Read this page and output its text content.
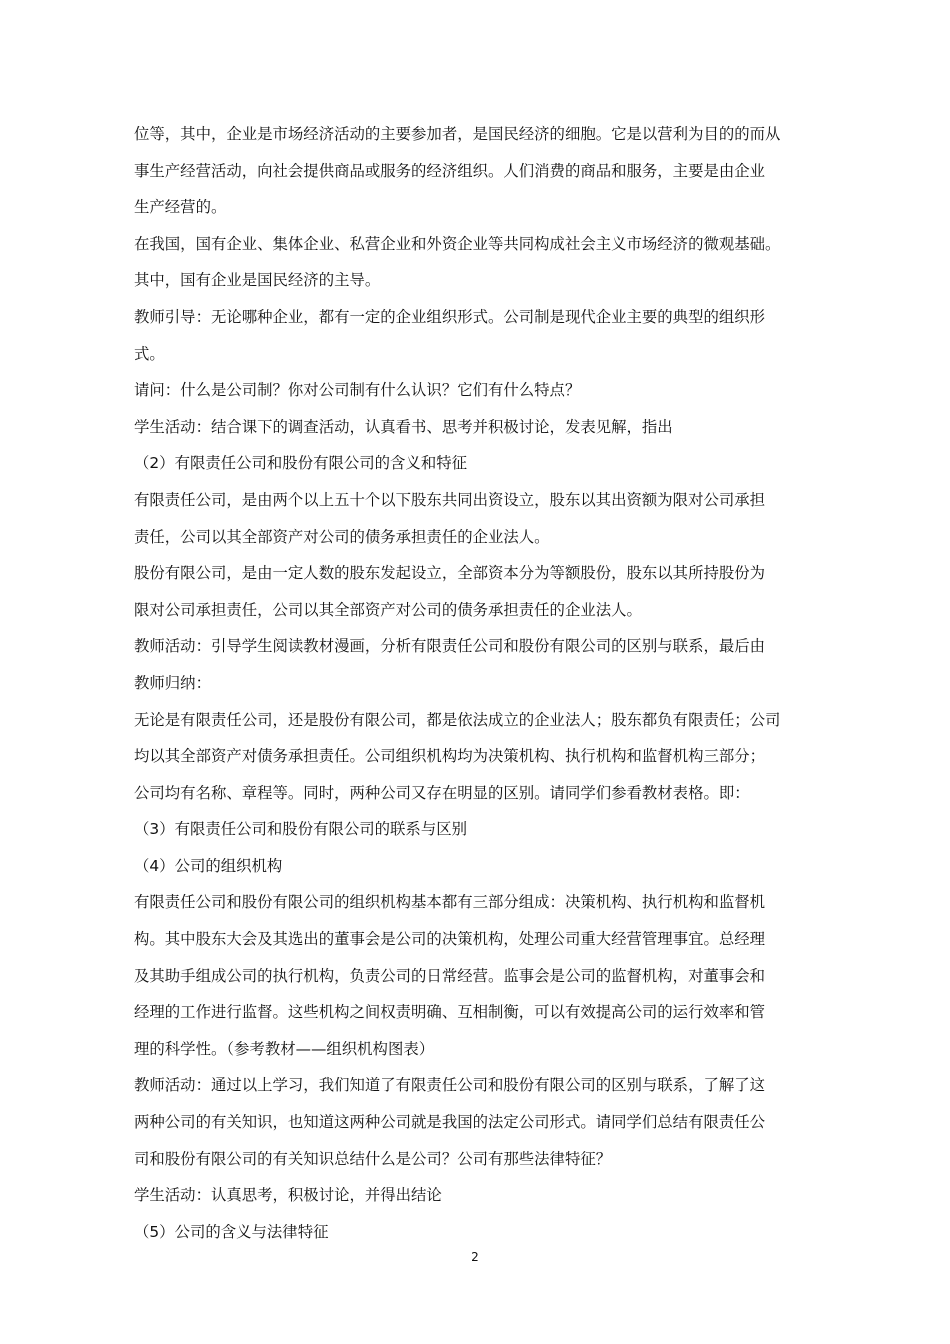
位等，其中，企业是市场经济活动的主要参加者，是国民经济的细胞。它是以营利为目的的而从

事生产经营活动，向社会提供商品或服务的经济组织。人们消费的商品和服务，主要是由企业

生产经营的。

在我国，国有企业、集体企业、私营企业和外资企业等共同构成社会主义市场经济的微观基础。

其中，国有企业是国民经济的主导。

教师引导：无论哪种企业，都有一定的企业组织形式。公司制是现代企业主要的典型的组织形

式。

请问：什么是公司制？你对公司制有什么认识？它们有什么特点？

学生活动：结合课下的调查活动，认真看书、思考并积极讨论，发表见解，指出

（2）有限责任公司和股份有限公司的含义和特征

有限责任公司，是由两个以上五十个以下股东共同出资设立，股东以其出资额为限对公司承担

责任，公司以其全部资产对公司的债务承担责任的企业法人。

股份有限公司，是由一定人数的股东发起设立，全部资本分为等额股份，股东以其所持股份为

限对公司承担责任，公司以其全部资产对公司的债务承担责任的企业法人。

教师活动：引导学生阅读教材漫画，分析有限责任公司和股份有限公司的区别与联系，最后由

教师归纳：

无论是有限责任公司，还是股份有限公司，都是依法成立的企业法人；股东都负有限责任；公司

均以其全部资产对债务承担责任。公司组织机构均为决策机构、执行机构和监督机构三部分；

公司均有名称、章程等。同时，两种公司又存在明显的区别。请同学们参看教材表格。即：

（3）有限责任公司和股份有限公司的联系与区别

（4）公司的组织机构

有限责任公司和股份有限公司的组织机构基本都有三部分组成：决策机构、执行机构和监督机

构。其中股东大会及其选出的董事会是公司的决策机构，处理公司重大经营管理事宜。总经理

及其助手组成公司的执行机构，负责公司的日常经营。监事会是公司的监督机构，对董事会和

经理的工作进行监督。这些机构之间权责明确、互相制衡，可以有效提高公司的运行效率和管

理的科学性。（参考教材——组织机构图表）

教师活动：通过以上学习，我们知道了有限责任公司和股份有限公司的区别与联系，了解了这

两种公司的有关知识，也知道这两种公司就是我国的法定公司形式。请同学们总结有限责任公

司和股份有限公司的有关知识总结什么是公司？公司有那些法律特征？

学生活动：认真思考，积极讨论，并得出结论

（5）公司的含义与法律特征

2
